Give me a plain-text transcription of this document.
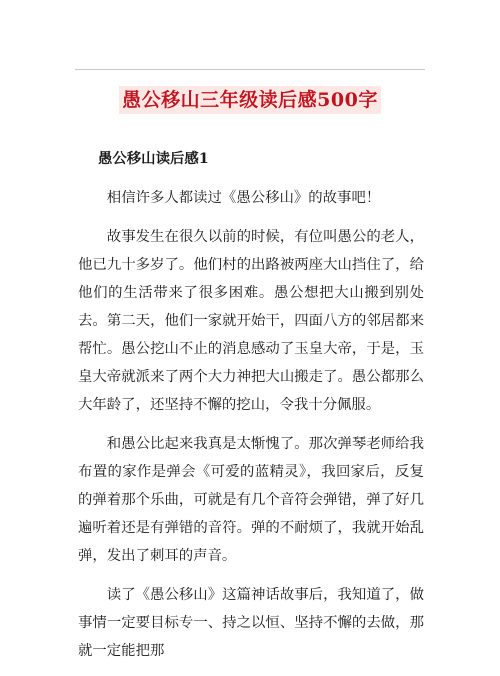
愚公移山三年级读后感500字
愚公移山读后感1

相信许多人都读过《愚公移山》的故事吧！

故事发生在很久以前的时候，有位叫愚公的老人，他已九十多岁了。他们村的出路被两座大山挡住了，给他们的生活带来了很多困难。愚公想把大山搬到别处去。第二天，他们一家就开始干，四面八方的邻居都来帮忙。愚公挖山不止的消息感动了玉皇大帝，于是，玉皇大帝就派来了两个大力神把大山搬走了。愚公都那么大年龄了，还坚持不懈的挖山，令我十分佩服。

和愚公比起来我真是太惭愧了。那次弹琴老师给我布置的家作是弹会《可爱的蓝精灵》，我回家后，反复的弹着那个乐曲，可就是有几个音符会弹错，弹了好几遍听着还是有弹错的音符。弹的不耐烦了，我就开始乱弹，发出了刺耳的声音。

读了《愚公移山》这篇神话故事后，我知道了，做事情一定要目标专一、持之以恒、坚持不懈的去做，那就一定能把那
